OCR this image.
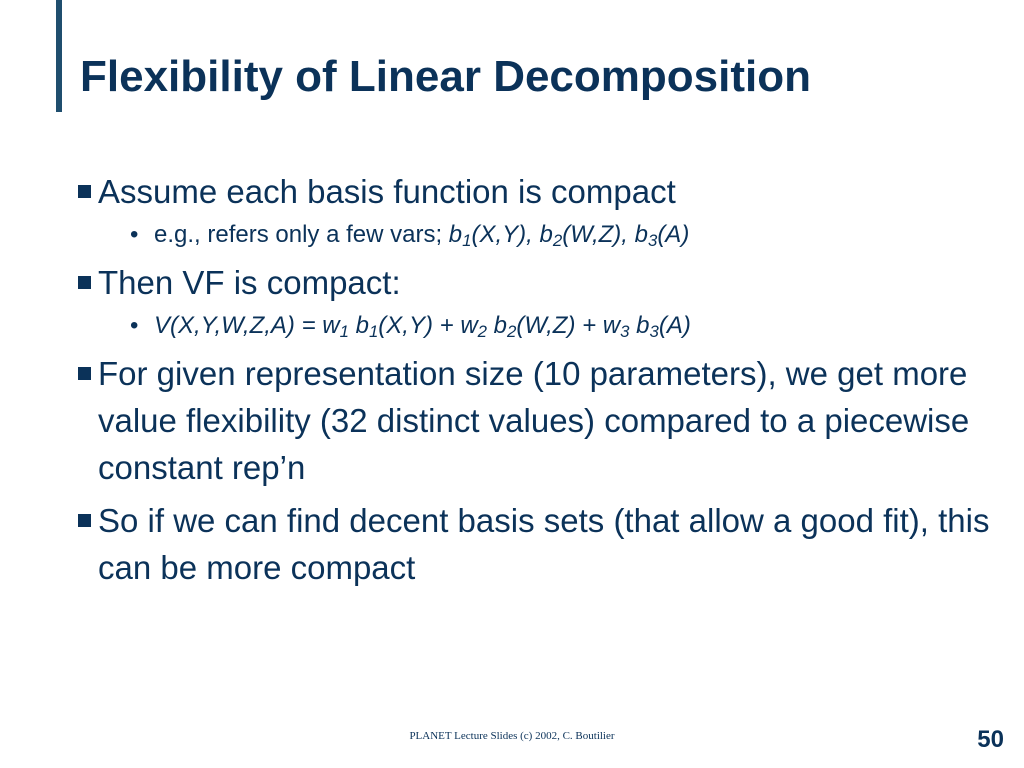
Flexibility of Linear Decomposition
Assume each basis function is compact
• e.g., refers only a few vars; $b_1(X,Y)$, $b_2(W,Z)$, $b_3(A)$
Then VF is compact:
• $V(X,Y,W,Z,A) = w_1$ $b_1(X,Y) + w_2$ $b_2(W,Z) + w_3$ $b_3(A)$
For given representation size (10 parameters), we get more value flexibility (32 distinct values) compared to a piecewise constant rep’n
So if we can find decent basis sets (that allow a good fit), this can be more compact
PLANET Lecture Slides (c) 2002, C. Boutilier	50
